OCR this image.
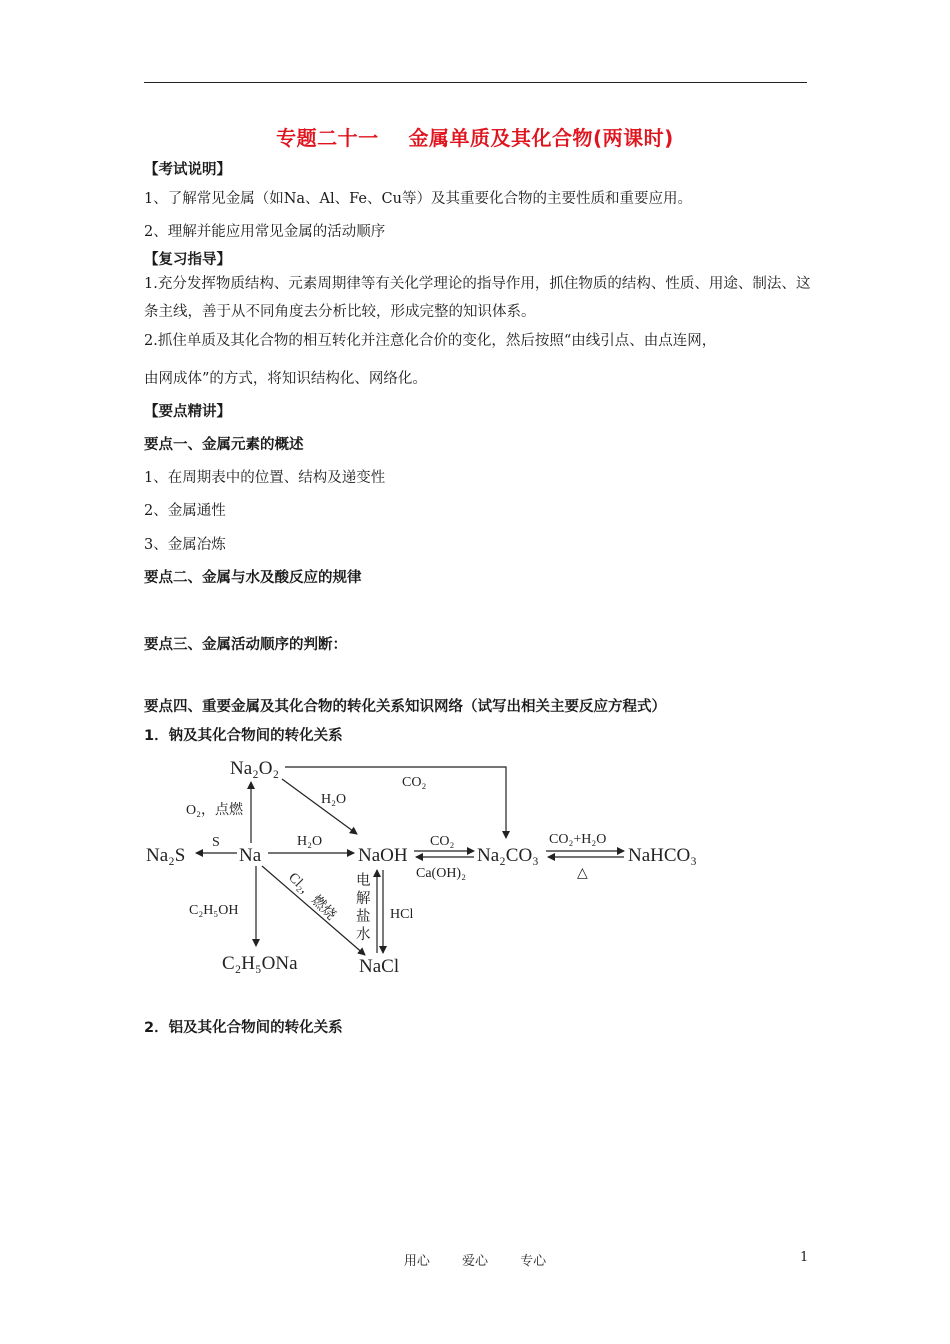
专题二十一    金属单质及其化合物(两课时)
【考试说明】
1、了解常见金属（如Na、Al、Fe、Cu等）及其重要化合物的主要性质和重要应用。
2、理解并能应用常见金属的活动顺序
【复习指导】
1.充分发挥物质结构、元素周期律等有关化学理论的指导作用，抓住物质的结构、性质、用途、制法、这条主线，善于从不同角度去分析比较，形成完整的知识体系。
2.抓住单质及其化合物的相互转化并注意化合价的变化，然后按照“由线引点、由点连网，
由网成体”的方式，将知识结构化、网络化。
【要点精讲】
要点一、金属元素的概述
1、在周期表中的位置、结构及递变性
2、金属通性
3、金属冶炼
要点二、金属与水及酸反应的规律
要点三、金属活动顺序的判断：
要点四、重要金属及其化合物的转化关系知识网络（试写出相关主要反应方程式）
1．钠及其化合物间的转化关系
Na₂O₂
Na₂S	Na	NaOH	Na₂CO₃	NaHCO₃
C₂H₅ONa	NaCl
O₂，点燃
S
H₂O
H₂O
CO₂
CO₂
Ca(OH)₂
CO₂+H₂O
△
C₂H₅OH	HCl
Cl₂，燃烧 电解盐水
2．铝及其化合物间的转化关系
用心 爱心 专心	1
